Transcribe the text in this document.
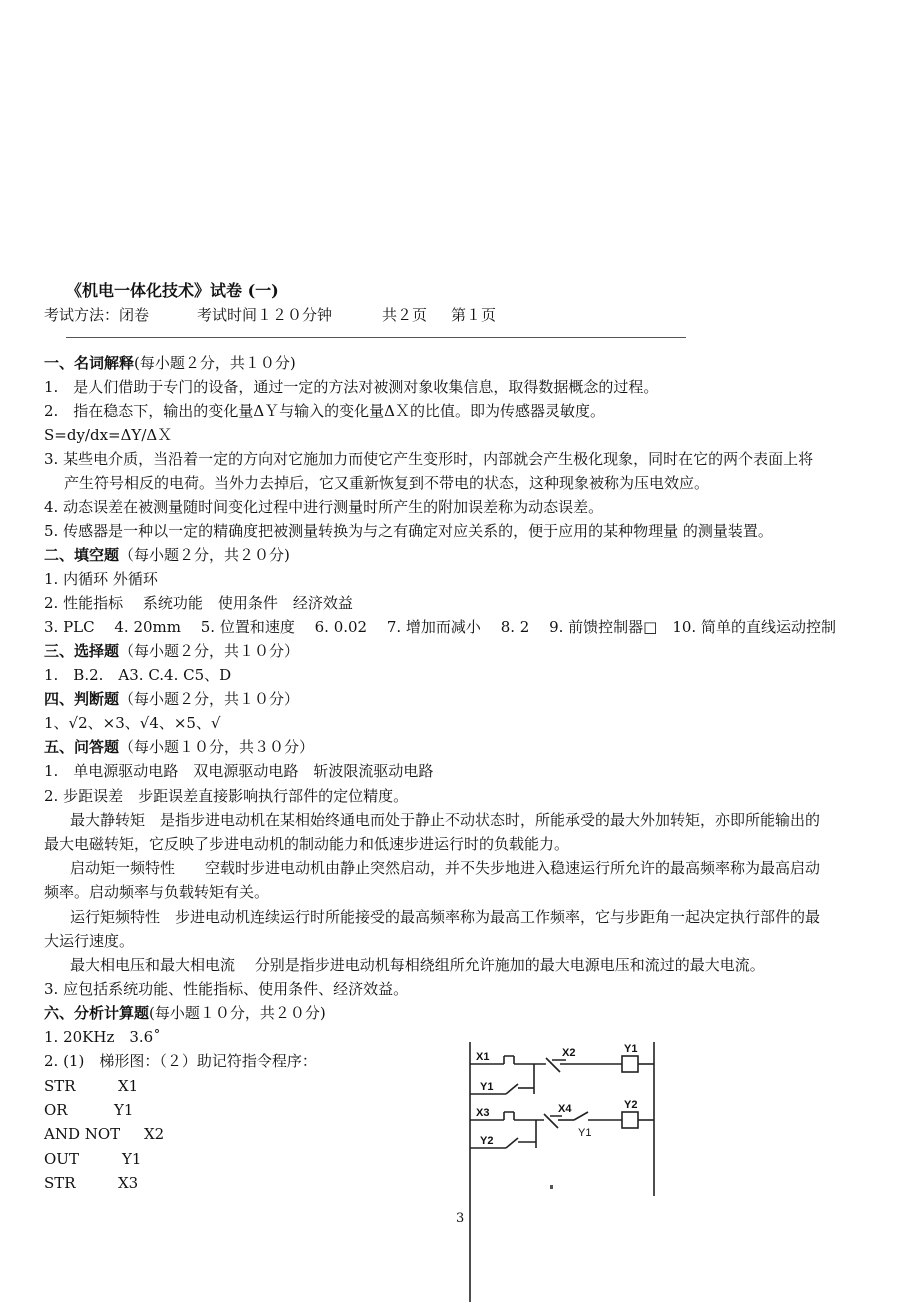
《机电一体化技术》试卷 (一)
考试方法：闭卷	考试时间１２０分钟	共２页 第１页
一、名词解释(每小题２分，共１０分)
1.　是人们借助于专门的设备，通过一定的方法对被测对象收集信息，取得数据概念的过程。
2.　指在稳态下，输出的变化量ΔＹ与输入的变化量ΔＸ的比值。即为传感器灵敏度。
S=dy/dx=ΔY/ΔＸ
3. 某些电介质，当沿着一定的方向对它施加力而使它产生变形时，内部就会产生极化现象，同时在它的两个表面上将
产生符号相反的电荷。当外力去掉后，它又重新恢复到不带电的状态，这种现象被称为压电效应。
4. 动态误差在被测量随时间变化过程中进行测量时所产生的附加误差称为动态误差。
5. 传感器是一种以一定的精确度把被测量转换为与之有确定对应关系的，便于应用的某种物理量 的测量装置。
二、填空题（每小题２分，共２０分)
1. 内循环 外循环
2. 性能指标　 系统功能　使用条件　经济效益
3. PLC　 4. 20mm　 5. 位置和速度　 6. 0.02　 7. 增加而减小　 8. 2　 9. 前馈控制器□　10. 简单的直线运动控制
三、选择题（每小题２分，共１０分）
1.　B.2.　A3. C.4. C5、D
四、判断题（每小题２分，共１０分）
1、√2、×3、√4、×5、√
五、问答题（每小题１０分，共３０分）
1.　单电源驱动电路　双电源驱动电路　斩波限流驱动电路
2. 步距误差　步距误差直接影响执行部件的定位精度。
最大静转矩　是指步进电动机在某相始终通电而处于静止不动状态时，所能承受的最大外加转矩，亦即所能输出的
最大电磁转矩，它反映了步进电动机的制动能力和低速步进运行时的负载能力。
启动矩一频特性　　空载时步进电动机由静止突然启动，并不失步地进入稳速运行所允许的最高频率称为最高启动
频率。启动频率与负载转矩有关。
运行矩频特性　步进电动机连续运行时所能接受的最高频率称为最高工作频率，它与步距角一起决定执行部件的最
大运行速度。
最大相电压和最大相电流　 分别是指步进电动机每相绕组所允许施加的最大电源电压和流过的最大电流。
3. 应包括系统功能、性能指标、使用条件、经济效益。
六、分析计算题(每小题１０分，共２０分)
1. 20KHz　3.6˚
2. (1)　梯形图：（２）助记符指令程序：
STR	X1
OR	Y1
AND NOT X2
OUT	Y1
STR	X3
X1	X2	Y1
Y1
X3	X4
Y1
Y2
Y2
3
